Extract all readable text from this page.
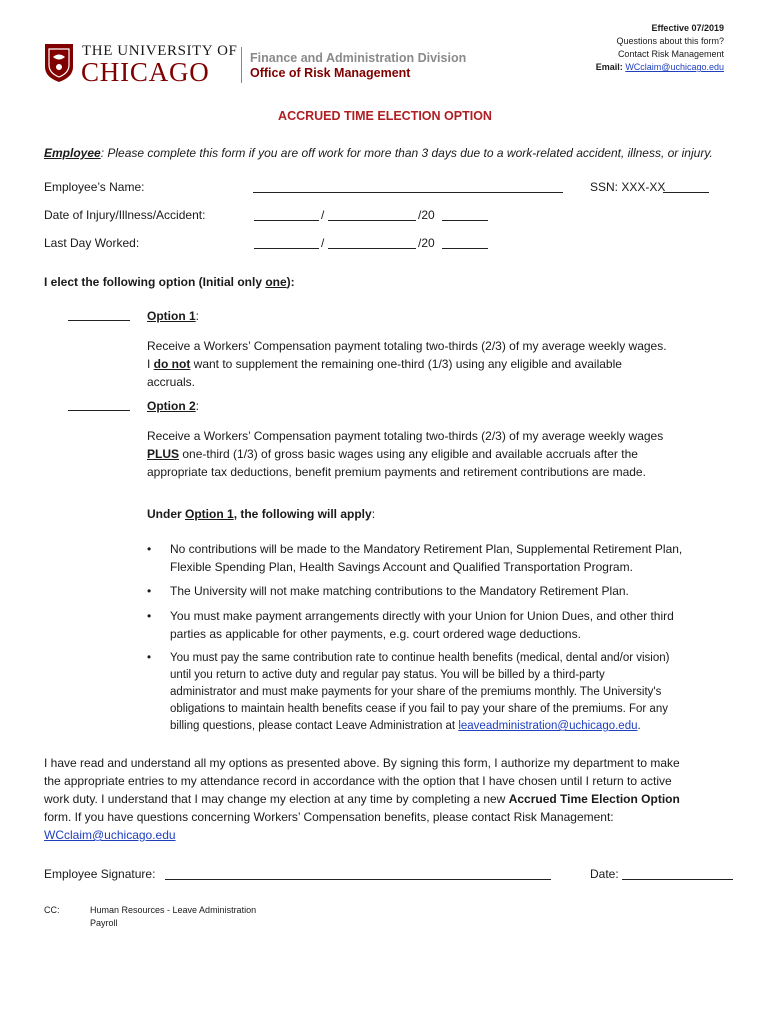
Effective 07/2019
Questions about this form?
Contact Risk Management
Email: WCclaim@uchicago.edu
THE UNIVERSITY OF
CHICAGO	Finance and Administration Division
Office of Risk Management
ACCRUED TIME ELECTION OPTION
Employee: Please complete this form if you are off work for more than 3 days due to a work-related accident, illness, or injury.
Employee’s Name:	SSN: XXX-XX
Date of Injury/Illness/Accident:	/	/20
Last Day Worked:	/	/20
I elect the following option (Initial only one):
Option 1:
Receive a Workers’ Compensation payment totaling two-thirds (2/3) of my average weekly wages.
I do not want to supplement the remaining one-third (1/3) using any eligible and available
accruals.
Option 2:
Receive a Workers’ Compensation payment totaling two-thirds (2/3) of my average weekly wages
PLUS one-third (1/3) of gross basic wages using any eligible and available accruals after the
appropriate tax deductions, benefit premium payments and retirement contributions are made.
Under Option 1, the following will apply:
• No contributions will be made to the Mandatory Retirement Plan, Supplemental Retirement Plan,
Flexible Spending Plan, Health Savings Account and Qualified Transportation Program.
• The University will not make matching contributions to the Mandatory Retirement Plan.
• You must make payment arrangements directly with your Union for Union Dues, and other third
parties as applicable for other payments, e.g. court ordered wage deductions.
• You must pay the same contribution rate to continue health benefits (medical, dental and/or vision)
until you return to active duty and regular pay status. You will be billed by a third-party
administrator and must make payments for your share of the premiums monthly. The University's
obligations to maintain health benefits cease if you fail to pay your share of the premiums. For any
billing questions, please contact Leave Administration at leaveadministration@uchicago.edu.
I have read and understand all my options as presented above. By signing this form, I authorize my department to make
the appropriate entries to my attendance record in accordance with the option that I have chosen until I return to active
work duty. I understand that I may change my election at any time by completing a new Accrued Time Election Option
form. If you have questions concerning Workers’ Compensation benefits, please contact Risk Management:
WCclaim@uchicago.edu
Employee Signature:	Date:
CC:	Human Resources - Leave Administration
Payroll
